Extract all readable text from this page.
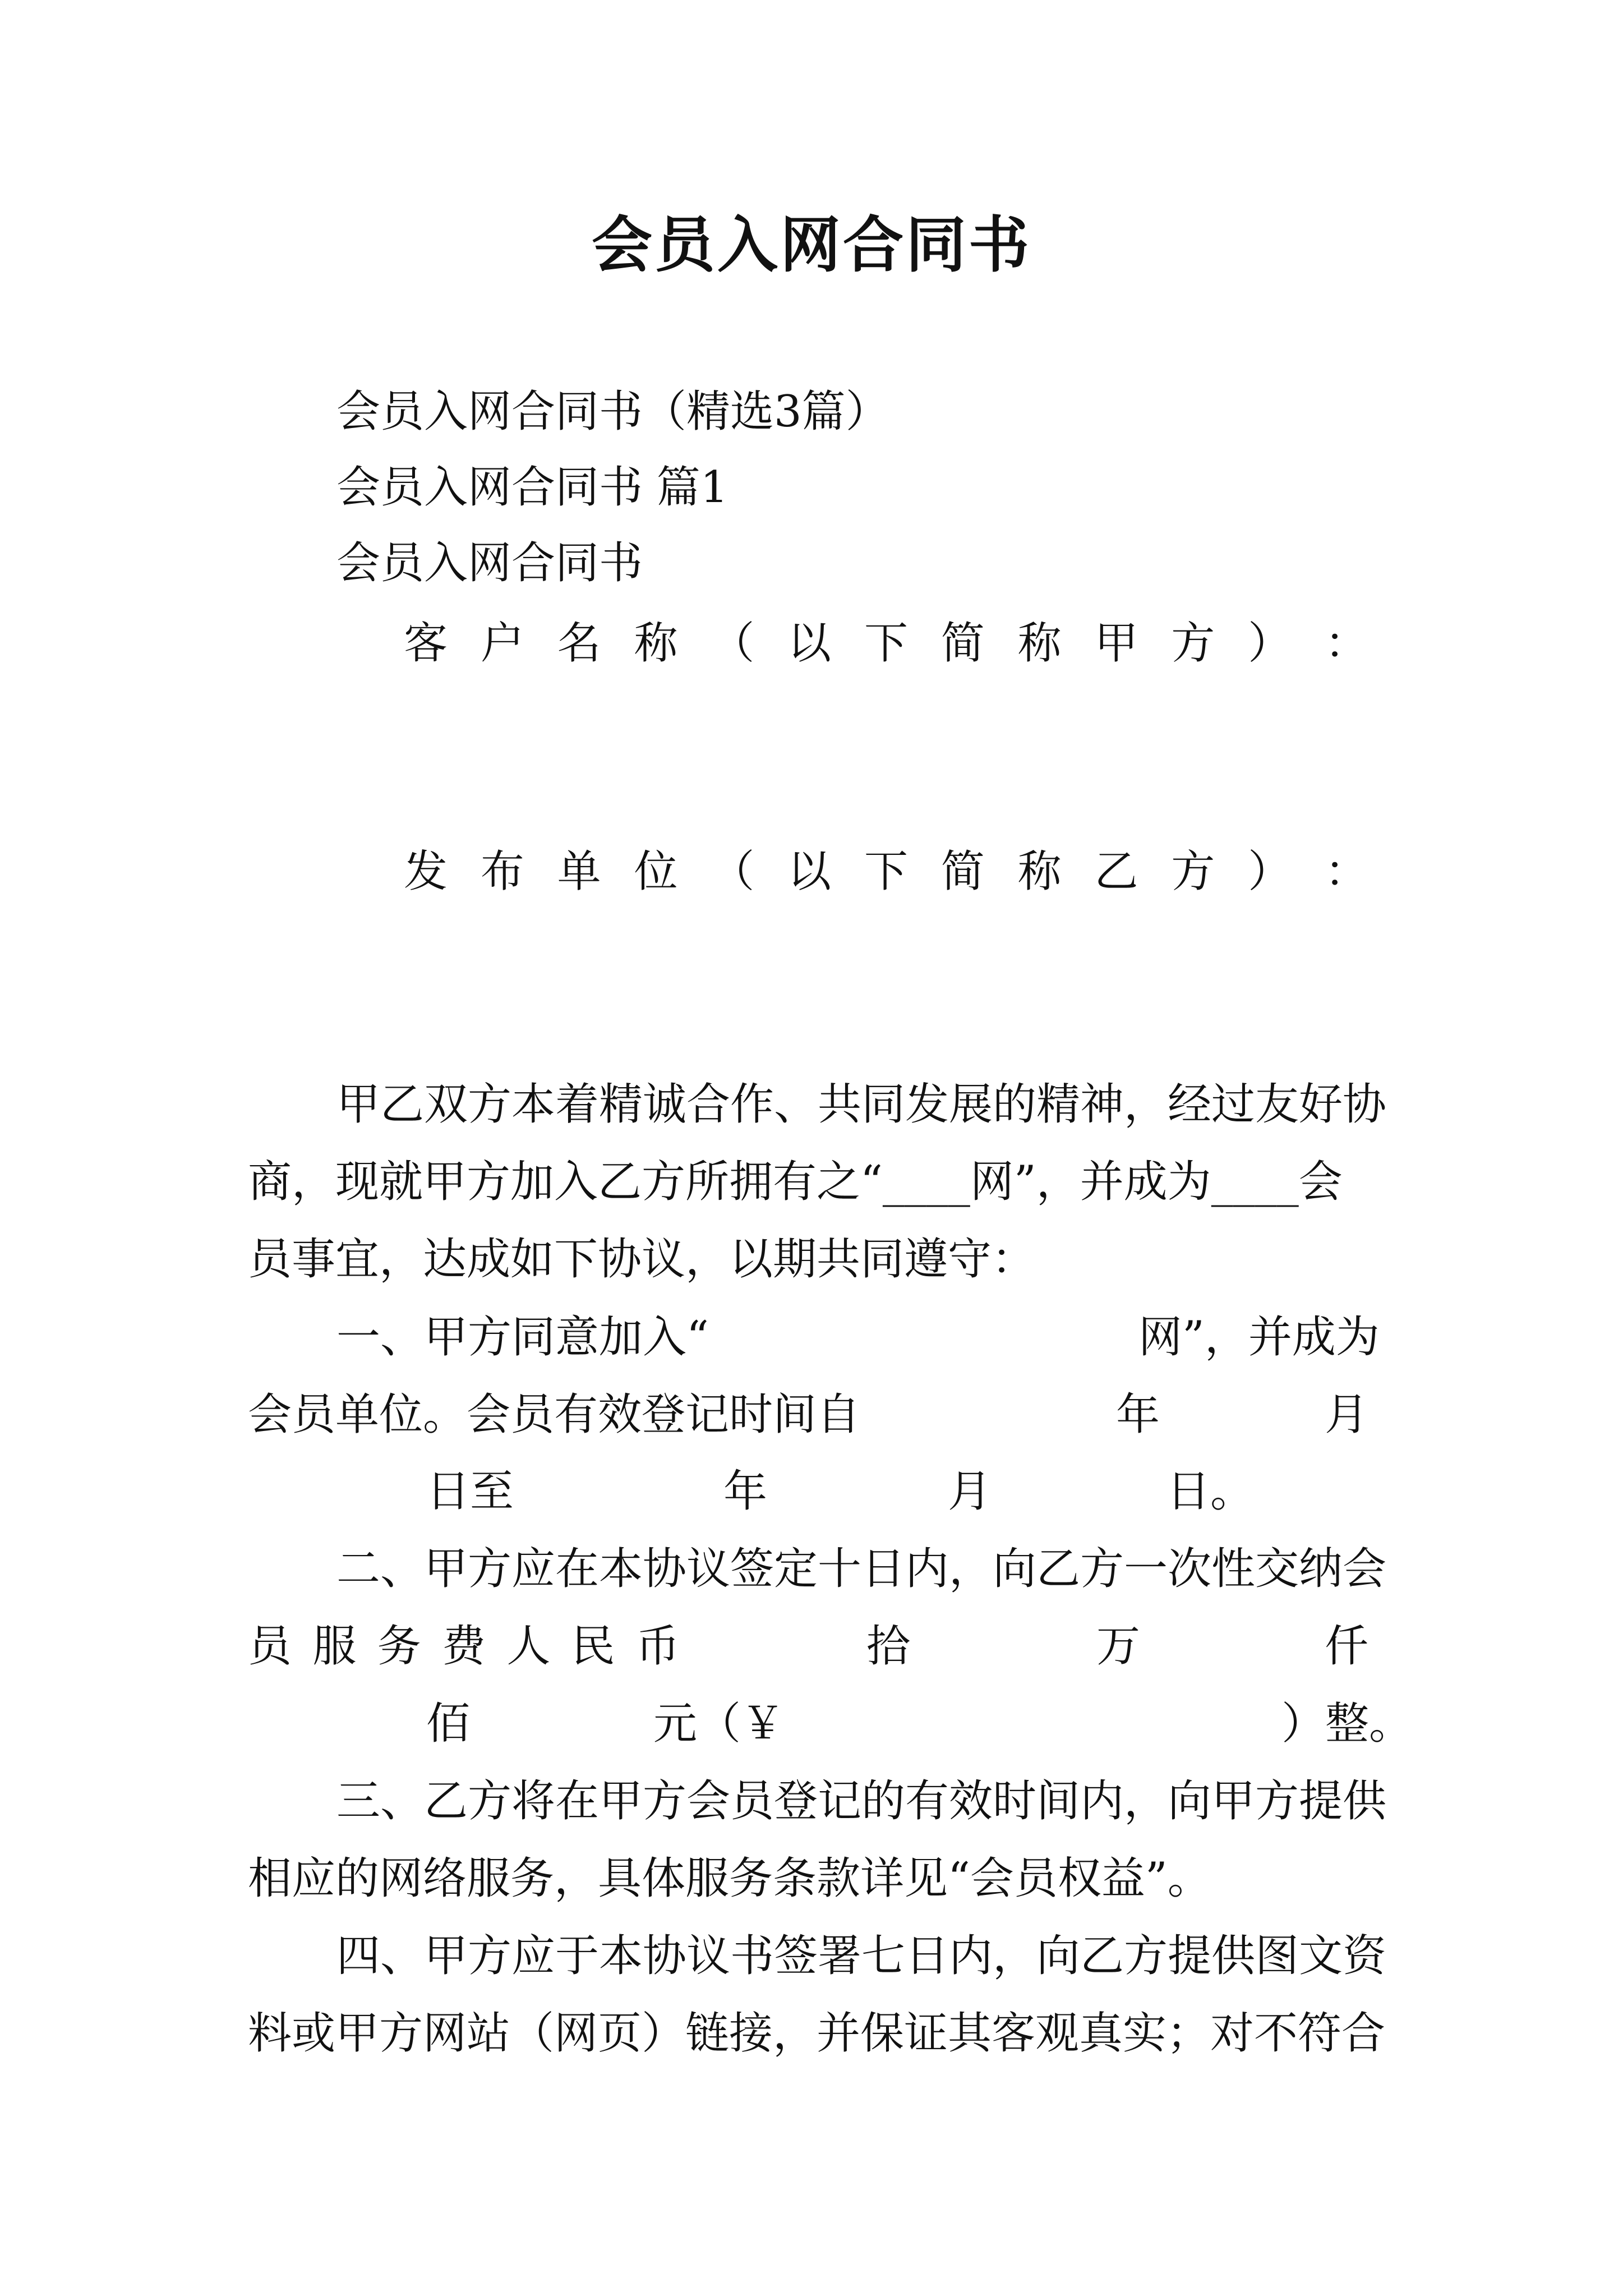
会员入网合同书
会员入网合同书（精选3篇）
会员入网合同书 篇1
会员入网合同书
客 户 名 称 （ 以 下 简 称 甲 方 ） ：
发 布 单 位 （ 以 下 简 称 乙 方 ） ：
甲乙双方本着精诚合作、共同发展的精神，经过友好协
商，现就甲方加入乙方所拥有之“____网”，并成为____会
员事宜，达成如下协议，以期共同遵守：
一、甲方同意加入“	网”，并成为
会员单位。会员有效登记时间自	年	月
日至	年	月	日。
二、甲方应在本协议签定十日内，向乙方一次性交纳会
员 服 务 费 人 民 币	拾	万	仟
佰	元（￥	）整。
三、乙方将在甲方会员登记的有效时间内，向甲方提供
相应的网络服务，具体服务条款详见“会员权益”。
四、甲方应于本协议书签署七日内，向乙方提供图文资
料或甲方网站（网页）链接，并保证其客观真实；对不符合
